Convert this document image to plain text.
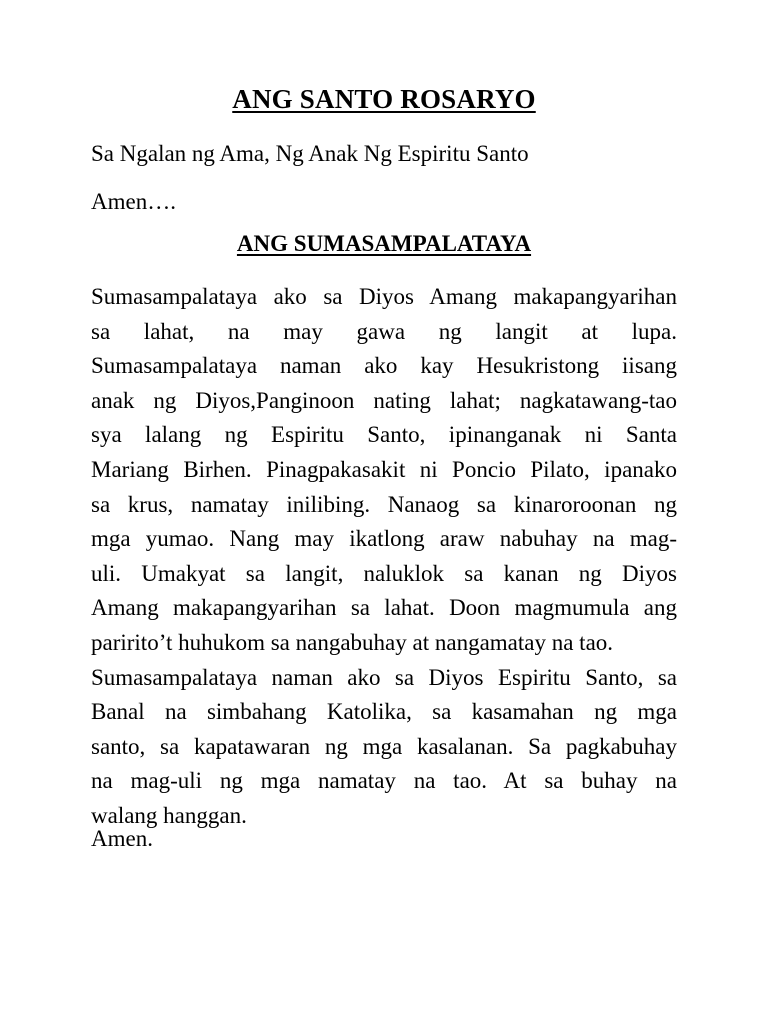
ANG SANTO ROSARYO

Sa Ngalan ng Ama, Ng Anak Ng Espiritu Santo

Amen….

ANG SUMASAMPALATAYA
Sumasampalataya ako sa Diyos Amang makapangyarihan
sa lahat, na may gawa ng langit at lupa.
Sumasampalataya naman ako kay Hesukristong iisang
anak ng Diyos,Panginoon nating lahat; nagkatawang-tao
sya lalang ng Espiritu Santo, ipinanganak ni Santa
Mariang Birhen. Pinagpakasakit ni Poncio Pilato, ipanako
sa krus, namatay inilibing. Nanaog sa kinaroroonan ng
mga yumao. Nang may ikatlong araw nabuhay na mag-
uli. Umakyat sa langit, naluklok sa kanan ng Diyos
Amang makapangyarihan sa lahat. Doon magmumula ang
paririto’t huhukom sa nangabuhay at nangamatay na tao.
Sumasampalataya naman ako sa Diyos Espiritu Santo, sa
Banal na simbahang Katolika, sa kasamahan ng mga
santo, sa kapatawaran ng mga kasalanan. Sa pagkabuhay
na mag-uli ng mga namatay na tao. At sa buhay na
walang hanggan.

Amen.
